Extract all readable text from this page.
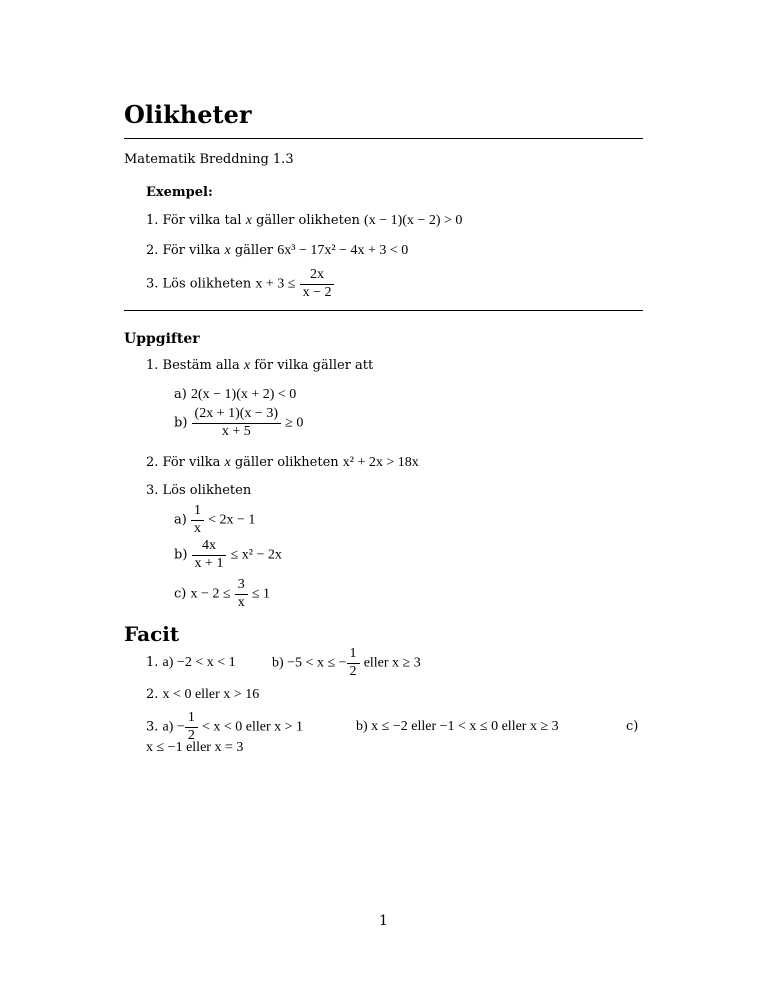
Olikheter
Matematik Breddning 1.3
Exempel:
1. För vilka tal x gäller olikheten (x − 1)(x − 2) > 0
2. För vilka x gäller 6x³ − 17x² − 4x + 3 < 0
3. Lös olikheten $x + 3 \le \frac{2x}{x - 2}$
Uppgifter
1. Bestäm alla x för vilka gäller att
a) 2(x − 1)(x + 2) < 0
$b) \frac{(2x + 1)(x - 3)}{x + 5} \ge 0$
2. För vilka x gäller olikheten x² + 2x > 18x
3. Lös olikheten
$a) \frac{1}{x} < 2x - 1$
$b) \frac{4x}{x + 1} \le x^2 - 2x$
c) $x - 2 \le \frac{3}{x} \le 1$
Facit
1. a) −2 < x < 1	b) −5 < x ≤ − $\frac{1}{2}$ eller x ≥ 3
2. x < 0 eller x > 16
3. $a) - \frac{1}{2} < x < 0$ eller x > 1	b) x ≤ −2 eller −1 < x ≤ 0 eller x ≥ 3	c)
x ≤ −1 eller x = 3
1
